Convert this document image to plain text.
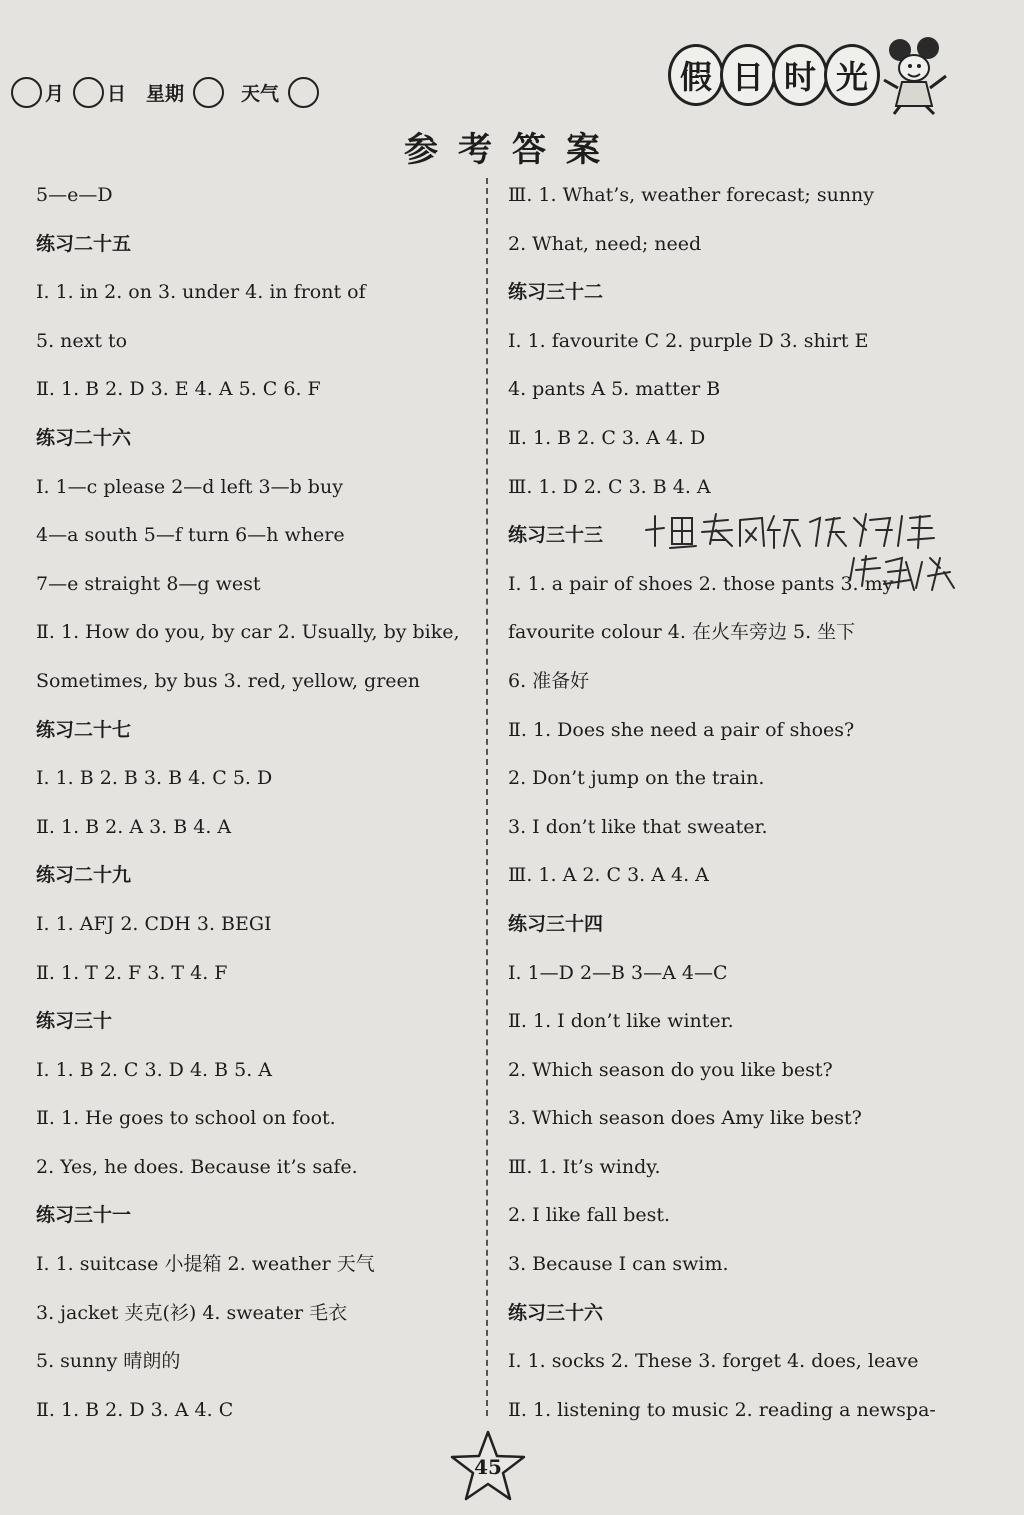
月 日 星期	天气	假 日 时 光
参考答案
5—e—D
练习二十五
Ⅰ. 1. in 2. on 3. under 4. in front of
5. next to
Ⅱ. 1. B 2. D 3. E 4. A 5. C 6. F
练习二十六
Ⅰ. 1—c please 2—d left 3—b buy
4—a south 5—f turn 6—h where
7—e straight 8—g west
Ⅱ. 1. How do you, by car 2. Usually, by bike,
Sometimes, by bus 3. red, yellow, green
练习二十七
Ⅰ. 1. B 2. B 3. B 4. C 5. D
Ⅱ. 1. B 2. A 3. B 4. A
练习二十九
Ⅰ. 1. AFJ 2. CDH 3. BEGI
Ⅱ. 1. T 2. F 3. T 4. F
练习三十
Ⅰ. 1. B 2. C 3. D 4. B 5. A
Ⅱ. 1. He goes to school on foot.
2. Yes, he does. Because it’s safe.
练习三十一
Ⅰ. 1. suitcase 小提箱 2. weather 天气
3. jacket 夹克(衫) 4. sweater 毛衣
5. sunny 晴朗的
Ⅱ. 1. B 2. D 3. A 4. C
Ⅲ. 1. What’s, weather forecast; sunny
2. What, need; need
练习三十二
Ⅰ. 1. favourite C 2. purple D 3. shirt E
4. pants A 5. matter B
Ⅱ. 1. B 2. C 3. A 4. D
Ⅲ. 1. D 2. C 3. B 4. A
练习三十三
Ⅰ. 1. a pair of shoes 2. those pants 3. my
favourite colour 4. 在火车旁边 5. 坐下
6. 准备好
Ⅱ. 1. Does she need a pair of shoes?
2. Don’t jump on the train.
3. I don’t like that sweater.
Ⅲ. 1. A 2. C 3. A 4. A
练习三十四
Ⅰ. 1—D 2—B 3—A 4—C
Ⅱ. 1. I don’t like winter.
2. Which season do you like best?
3. Which season does Amy like best?
Ⅲ. 1. It’s windy.
2. I like fall best.
3. Because I can swim.
练习三十六
Ⅰ. 1. socks 2. These 3. forget 4. does, leave
Ⅱ. 1. listening to music 2. reading a newspa-
十里春风不如你 寒假作业 全靠你
45
